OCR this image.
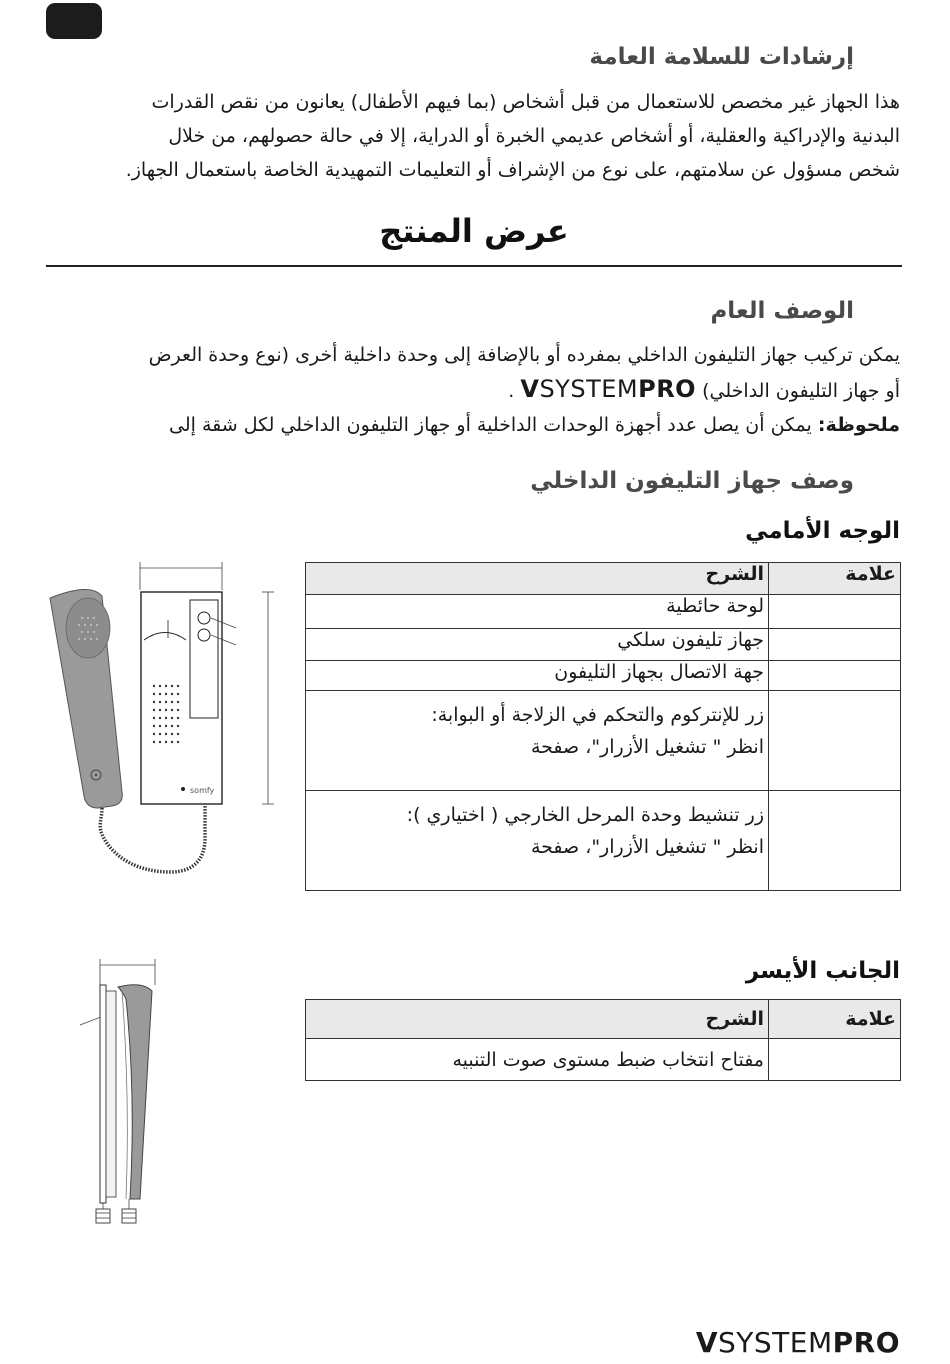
إرشادات للسلامة العامة
هذا الجهاز غير مخصص للاستعمال من قبل أشخاص (بما فيهم الأطفال) يعانون من نقص القدرات
البدنية والإدراكية والعقلية، أو أشخاص عديمي الخبرة أو الدراية، إلا في حالة حصولهم، من خلال
شخص مسؤول عن سلامتهم، على نوع من الإشراف أو التعليمات التمهيدية الخاصة باستعمال الجهاز.
عرض المنتج
الوصف العام
يمكن تركيب جهاز التليفون الداخلي بمفرده أو بالإضافة إلى وحدة داخلية أخرى (نوع وحدة العرض
أو جهاز التليفون الداخلي) VSYSTEMPRO .
ملحوظة: يمكن أن يصل عدد أجهزة الوحدات الداخلية أو جهاز التليفون الداخلي لكل شقة إلى
وصف جهاز التليفون الداخلي
الوجه الأمامي
علامة	الشرح
	لوحة حائطية
	جهاز تليفون سلكي
	جهة الاتصال بجهاز التليفون

	زر للإنتركوم والتحكم في الزلاجة أو البوابة:
انظر " تشغيل الأزرار"، صفحة

	زر تنشيط وحدة المرحل الخارجي ( اختياري ):
انظر " تشغيل الأزرار"، صفحة
الجانب الأيسر
علامة	الشرح
	مفتاح انتخاب ضبط مستوى صوت التنبيه
somfy
VSYSTEMPRO
